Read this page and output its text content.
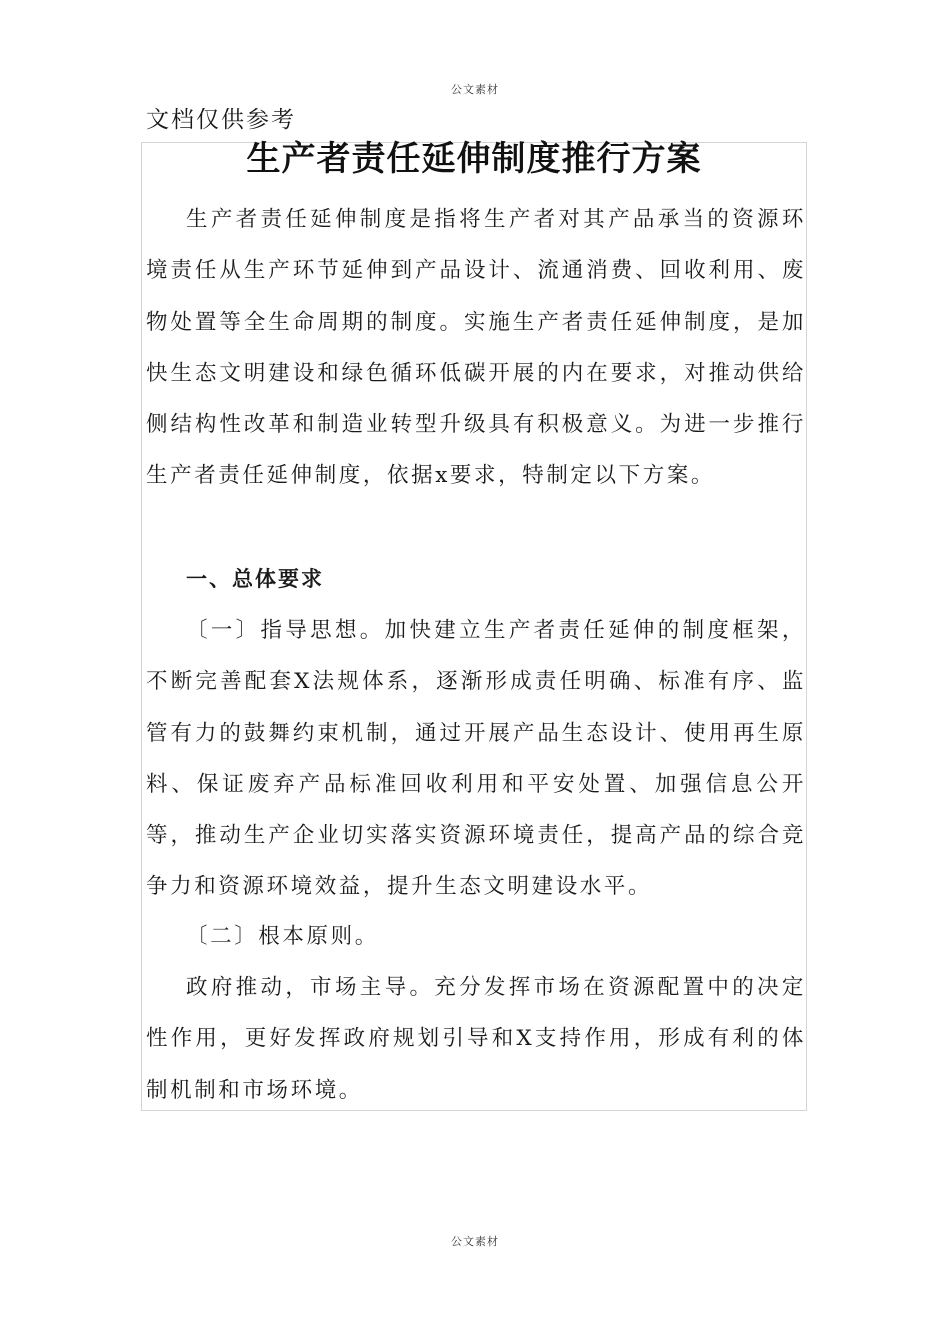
公文素材
文档仅供参考
生产者责任延伸制度推行方案

生产者责任延伸制度是指将生产者对其产品承当的资源环境责任从生产环节延伸到产品设计、流通消费、回收利用、废物处置等全生命周期的制度。实施生产者责任延伸制度，是加快生态文明建设和绿色循环低碳开展的内在要求，对推动供给侧结构性改革和制造业转型升级具有积极意义。为进一步推行生产者责任延伸制度，依据x要求，特制定以下方案。

一、总体要求

〔一〕指导思想。加快建立生产者责任延伸的制度框架，不断完善配套X法规体系，逐渐形成责任明确、标准有序、监管有力的鼓舞约束机制，通过开展产品生态设计、使用再生原料、保证废弃产品标准回收利用和平安处置、加强信息公开等，推动生产企业切实落实资源环境责任，提高产品的综合竞争力和资源环境效益，提升生态文明建设水平。

〔二〕根本原则。

政府推动，市场主导。充分发挥市场在资源配置中的决定性作用，更好发挥政府规划引导和X支持作用，形成有利的体制机制和市场环境。

公文素材
